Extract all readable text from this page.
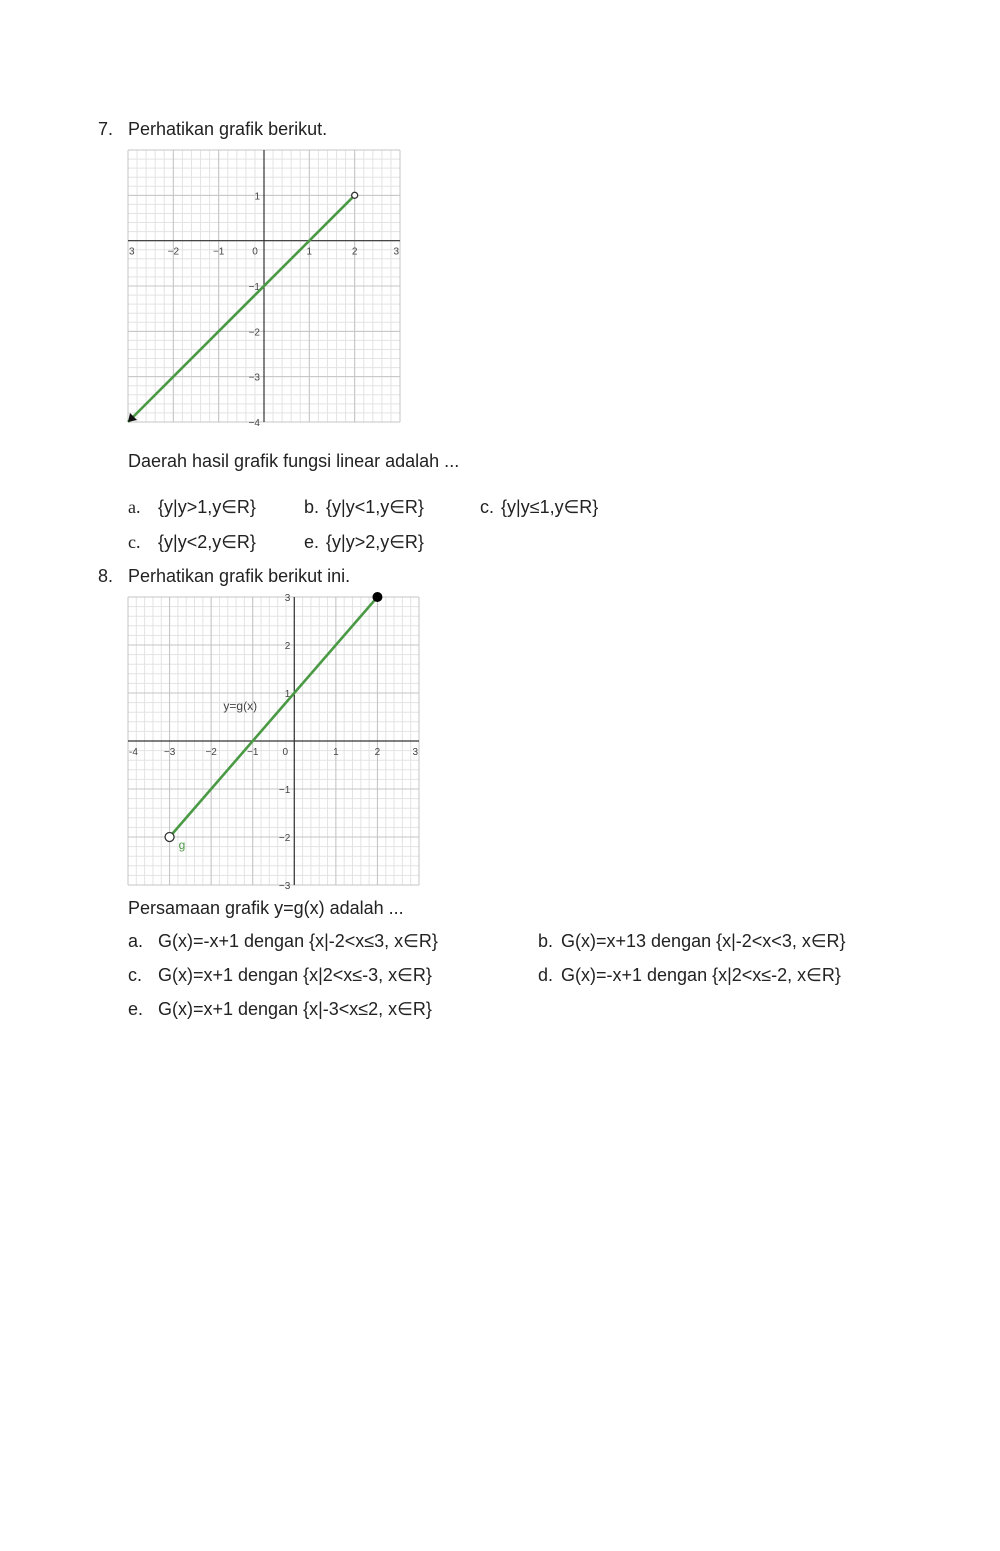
7. Perhatikan grafik berikut.
3	−2	−1	0	1	2	3
1
−1
−2
−3
−4
Daerah hasil grafik fungsi linear adalah ...
a. {y|y>1,y∈R}	b. {y|y<1,y∈R}	c. {y|y≤1,y∈R}
c. {y|y<2,y∈R}	e. {y|y>2,y∈R}
8. Perhatikan grafik berikut ini.
-4	−3	−2	−1 0	1	2	3
3
2
1
−1
−2
−3
y=g(x)
g
Persamaan grafik y=g(x) adalah ...
a. G(x)=-x+1 dengan {x|-2<x≤3, x∈R}	b. G(x)=x+13 dengan {x|-2<x<3, x∈R}
c. G(x)=x+1 dengan {x|2<x≤-3, x∈R}	d. G(x)=-x+1 dengan {x|2<x≤-2, x∈R}
e. G(x)=x+1 dengan {x|-3<x≤2, x∈R}
